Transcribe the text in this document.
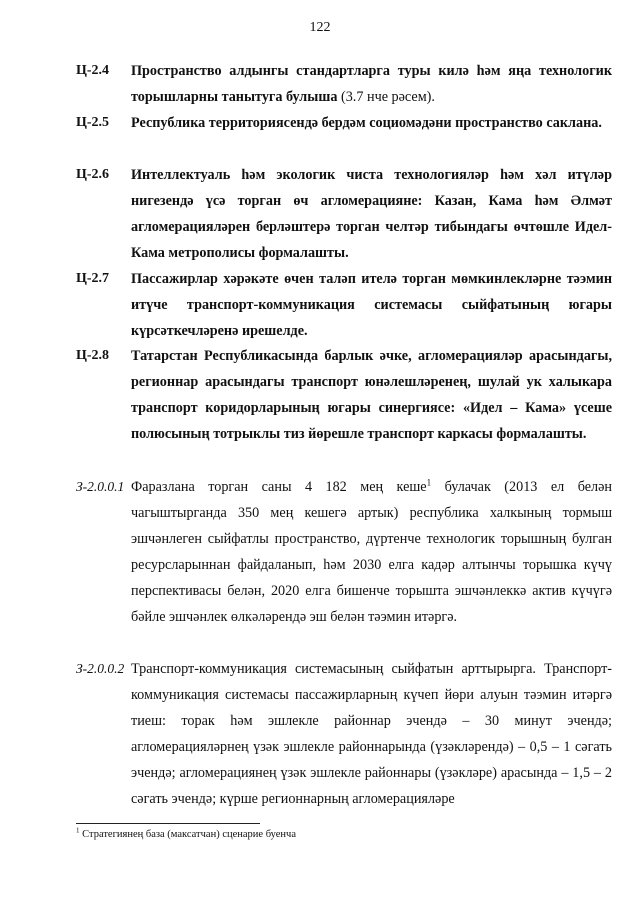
122
Ц-2.4 Пространство алдынгы стандартларга туры килә һәм яңа технологик торышларны танытуга булыша (3.7 нче рәсем).
Ц-2.5 Республика территориясендә бердәм социомәдәни пространство саклана.
Ц-2.6 Интеллектуаль һәм экологик чиста технологияләр һәм хәл итүләр нигезендә үсә торган өч агломерацияне: Казан, Кама һәм Әлмәт агломерацияләрен берләштерә торган челтәр тибындагы өчтөшле Идел-Кама метрополисы формалашты.
Ц-2.7 Пассажирлар хәрәкәте өчен таләп ителә торган мөмкинлекләрне тәэмин итүче транспорт-коммуникация системасы сыйфатының югары күрсәткечләренә ирешелде.
Ц-2.8 Татарстан Республикасында барлык әчке, агломерацияләр арасындагы, регионнар арасындагы транспорт юнәлешләренең, шулай ук халыкара транспорт коридорларының югары синергиясе: «Идел – Кама» үсеше полюсының тотрыклы тиз йөрешле транспорт каркасы формалашты.
З-2.0.0.1 Фаразлана торган саны 4 182 мең кеше$^1$ булачак (2013 ел белән чагыштырганда 350 мең кешегә артык) республика халкының тормыш эшчәнлеген сыйфатлы пространство, дүртенче технологик торышның булган ресурсларыннан файдаланып, һәм 2030 елга кадәр алтынчы торышка күчү перспективасы белән, 2020 елга бишенче торышта эшчәнлеккә актив күчүгә бәйле эшчәнлек өлкәләрендә эш белән тәэмин итәргә.
З-2.0.0.2 Транспорт-коммуникация системасының сыйфатын арттырырга. Транспорт-коммуникация системасы пассажирларның күчеп йөри алуын тәэмин итәргә тиеш: торак һәм эшлекле районнар эчендә – 30 минут эчендә; агломерацияләрнең үзәк эшлекле районнарында (үзәкләрендә) – 0,5 – 1 сәгать эчендә; агломерациянең үзәк эшлекле районнары (үзәкләре) арасында – 1,5 – 2 сәгать эчендә; күрше регионнарның агломерацияләре
$^1$ Стратегиянең база (максатчан) сценарие буенча
